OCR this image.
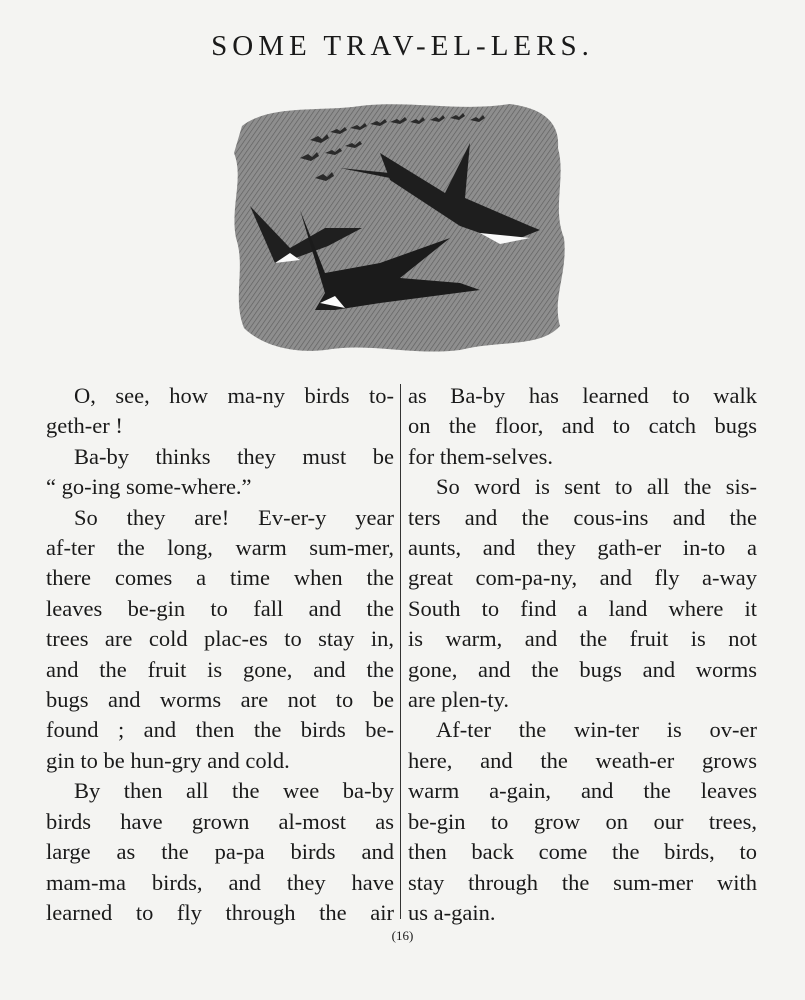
SOME TRAV-EL-LERS.

O, see, how ma-ny birds to-
geth-er !

Ba-by thinks they must be
“ go-ing some-where.”

So they are! Ev-er-y year
af-ter the long, warm sum-mer,
there comes a time when the
leaves be-gin to fall and the
trees are cold plac-es to stay in,
and the fruit is gone, and the
bugs and worms are not to be
found ; and then the birds be-
gin to be hun-gry and cold.

By then all the wee ba-by
birds have grown al-most as
large as the pa-pa birds and
mam-ma birds, and they have
learned to fly through the air

as Ba-by has learned to walk
on the floor, and to catch bugs
for them-selves.

So word is sent to all the sis-
ters and the cous-ins and the
aunts, and they gath-er in-to a
great com-pa-ny, and fly a-way
South to find a land where it
is warm, and the fruit is not
gone, and the bugs and worms
are plen-ty.

Af-ter the win-ter is ov-er
here, and the weath-er grows
warm a-gain, and the leaves
be-gin to grow on our trees,
then back come the birds, to
stay through the sum-mer with
us a-gain.

(16)
